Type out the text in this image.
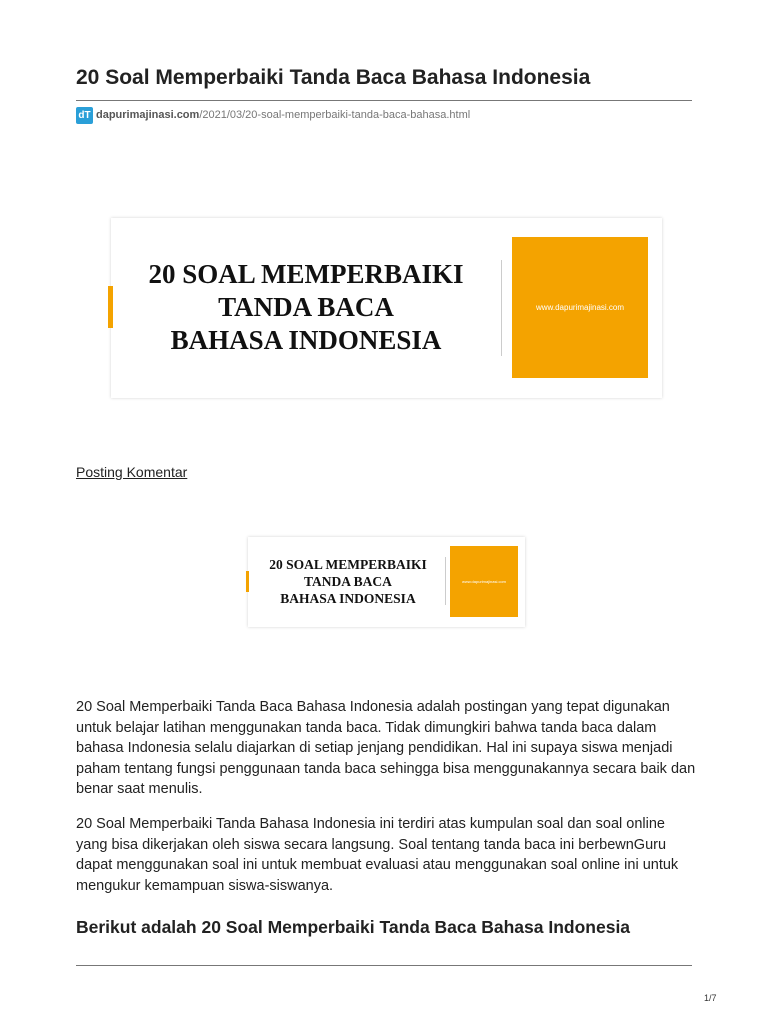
20 Soal Memperbaiki Tanda Baca Bahasa Indonesia
dT dapurimajinasi.com /2021/03/20-soal-memperbaiki-tanda-baca-bahasa.html
20 SOAL MEMPERBAIKI
TANDA BACA
BAHASA INDONESIA
www.dapurimajinasi.com
Posting Komentar
20 SOAL MEMPERBAIKI
TANDA BACA
BAHASA INDONESIA
www.dapurimajinasi.com

20 Soal Memperbaiki Tanda Baca Bahasa Indonesia adalah postingan yang tepat digunakan untuk belajar latihan menggunakan tanda baca. Tidak dimungkiri bahwa tanda baca dalam bahasa Indonesia selalu diajarkan di setiap jenjang pendidikan. Hal ini supaya siswa menjadi paham tentang fungsi penggunaan tanda baca sehingga bisa menggunakannya secara baik dan benar saat menulis.

20 Soal Memperbaiki Tanda Bahasa Indonesia ini terdiri atas kumpulan soal dan soal online yang bisa dikerjakan oleh siswa secara langsung. Soal tentang tanda baca ini berbewnGuru dapat menggunakan soal ini untuk membuat evaluasi atau menggunakan soal online ini untuk mengukur kemampuan siswa-siswanya.

Berikut adalah 20 Soal Memperbaiki Tanda Baca Bahasa Indonesia
1/7
